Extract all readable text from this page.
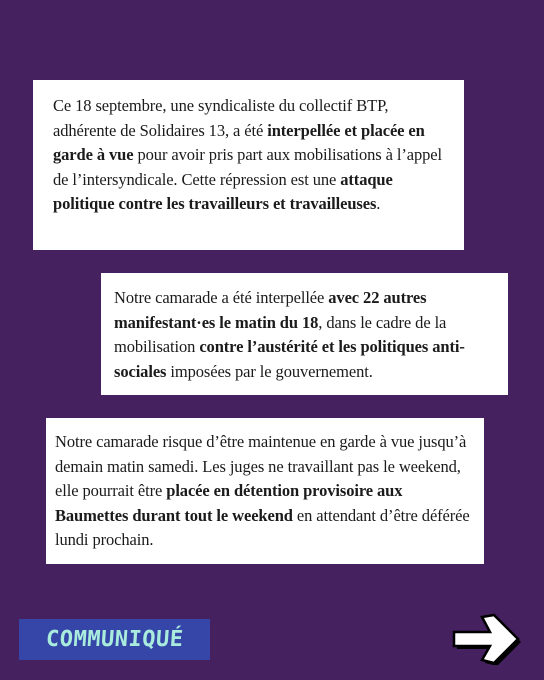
Ce 18 septembre, une syndicaliste du collectif BTP, adhérente de Solidaires 13, a été interpellée et placée en garde à vue pour avoir pris part aux mobilisations à l’appel de l’intersyndicale. Cette répression est une attaque politique contre les travailleurs et travailleuses.

Notre camarade a été interpellée avec 22 autres manifestant·es le matin du 18, dans le cadre de la mobilisation contre l’austérité et les politiques anti-sociales imposées par le gouvernement.

Notre camarade risque d’être maintenue en garde à vue jusqu’à demain matin samedi. Les juges ne travaillant pas le weekend, elle pourrait être placée en détention provisoire aux Baumettes durant tout le weekend en attendant d’être déférée lundi prochain.

COMMUNIQUÉ
